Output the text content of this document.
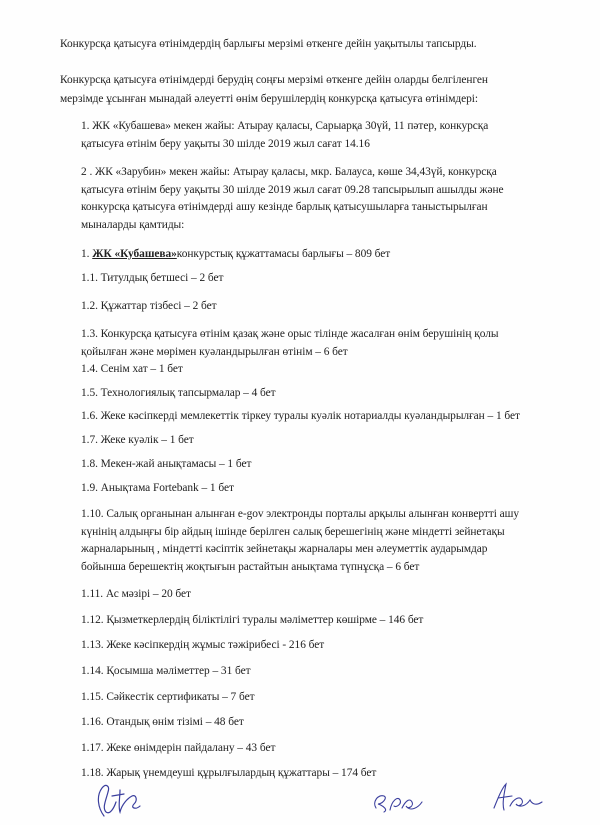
Конкурсқа қатысуға өтінімдердің барлығы мерзімі өткенге дейін уақытылы тапсырды.
Конкурсқа қатысуға өтінімдерді берудің соңғы мерзімі өткенге дейін оларды белгіленген
мерзімде ұсынған мынадай әлеуетті өнім берушілердің конкурсқа қатысуға өтінімдері:
1. ЖК «Кубашева» мекен жайы: Атырау қаласы, Сарыарқа 30үй, 11 пәтер, конкурсқа
қатысуға өтінім беру уақыты 30 шілде 2019 жыл сағат 14.16
2 . ЖК «Зарубин» мекен жайы: Атырау қаласы, мкр. Балауса, көше 34,43үй, конкурсқа
қатысуға өтінім беру уақыты 30 шілде 2019 жыл сағат 09.28 тапсырылып ашылды және
конкурсқа қатысуға өтінімдерді ашу кезінде барлық қатысушыларға таныстырылған
мыналарды қамтиды:
1. ЖК «Кубашева»конкурстық құжаттамасы барлығы – 809 бет
1.1. Титулдық бетшесі – 2 бет
1.2. Құжаттар тізбесі – 2 бет
1.3. Конкурсқа қатысуға өтінім қазақ және орыс тілінде жасалған өнім берушінің қолы
қойылған және мөрімен куәландырылған өтінім – 6 бет
1.4. Сенім хат – 1 бет
1.5. Технологиялық тапсырмалар – 4 бет
1.6. Жеке кәсіпкерді мемлекеттік тіркеу туралы куәлік нотариалды куәландырылған – 1 бет
1.7. Жеке куәлік – 1 бет
1.8. Мекен-жай анықтамасы – 1 бет
1.9. Анықтама Fortebank – 1 бет
1.10. Салық органынан алынған e-gov электронды порталы арқылы алынған конвертті ашу
күнінің алдыңғы бір айдың ішінде берілген салық берешегінің және міндетті зейнетақы
жарналарының , міндетті кәсіптік зейнетақы жарналары мен әлеуметтік аударымдар
бойынша берешектің жоқтығын растайтын анықтама түпнұсқа – 6 бет
1.11. Ас мәзірі – 20 бет
1.12. Қызметкерлердің біліктілігі туралы мәліметтер көшірме – 146 бет
1.13. Жеке кәсіпкердің жұмыс тәжірибесі - 216 бет
1.14. Қосымша мәліметтер – 31 бет
1.15. Сәйкестік сертификаты – 7 бет
1.16. Отандық өнім тізімі – 48 бет
1.17. Жеке өнімдерін пайдалану – 43 бет
1.18. Жарық үнемдеуші құрылғылардың құжаттары – 174 бет
